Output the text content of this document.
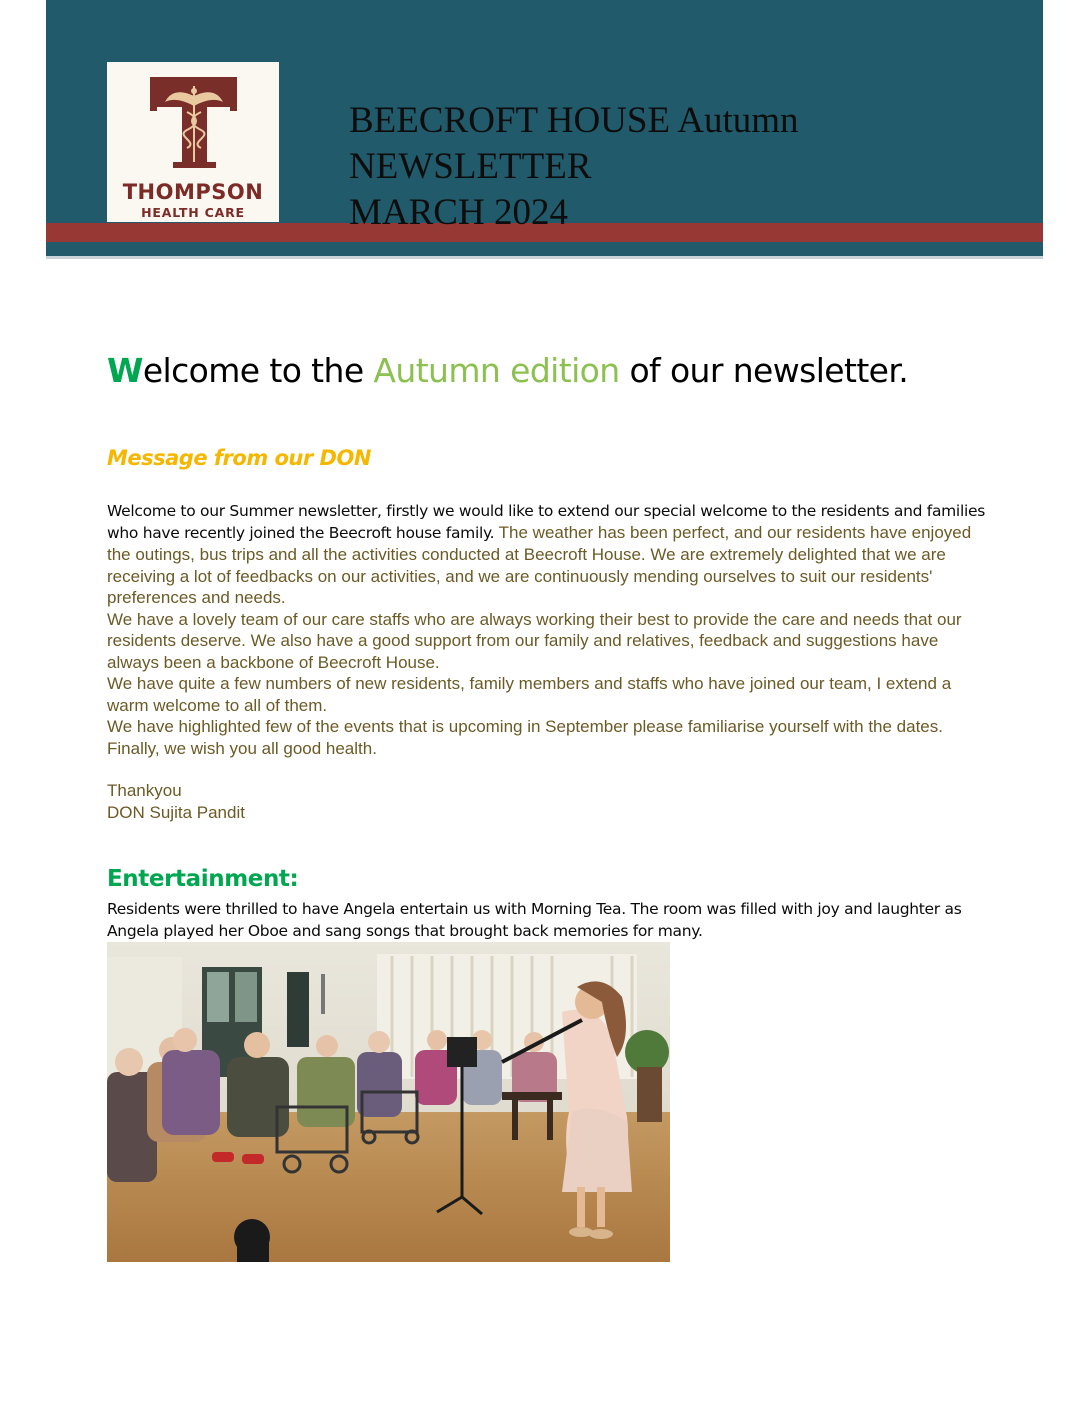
THOMPSON
HEALTH CARE
BEECROFT HOUSE Autumn
NEWSLETTER
MARCH 2024
Welcome to the Autumn edition of our newsletter.
Message from our DON

Welcome to our Summer newsletter, firstly we would like to extend our special welcome to the residents and families who have recently joined the Beecroft house family. The weather has been perfect, and our residents have enjoyed the outings, bus trips and all the activities conducted at Beecroft House. We are extremely delighted that we are receiving a lot of feedbacks on our activities, and we are continuously mending ourselves to suit our residents' preferences and needs.

We have a lovely team of our care staffs who are always working their best to provide the care and needs that our residents deserve. We also have a good support from our family and relatives, feedback and suggestions have always been a backbone of Beecroft House.

We have quite a few numbers of new residents, family members and staffs who have joined our team, I extend a warm welcome to all of them.

We have highlighted few of the events that is upcoming in September please familiarise yourself with the dates.

Finally, we wish you all good health.

Thankyou

DON Sujita Pandit

Entertainment:
Residents were thrilled to have Angela entertain us with Morning Tea. The room was filled with joy and laughter as Angela played her Oboe and sang songs that brought back memories for many.
